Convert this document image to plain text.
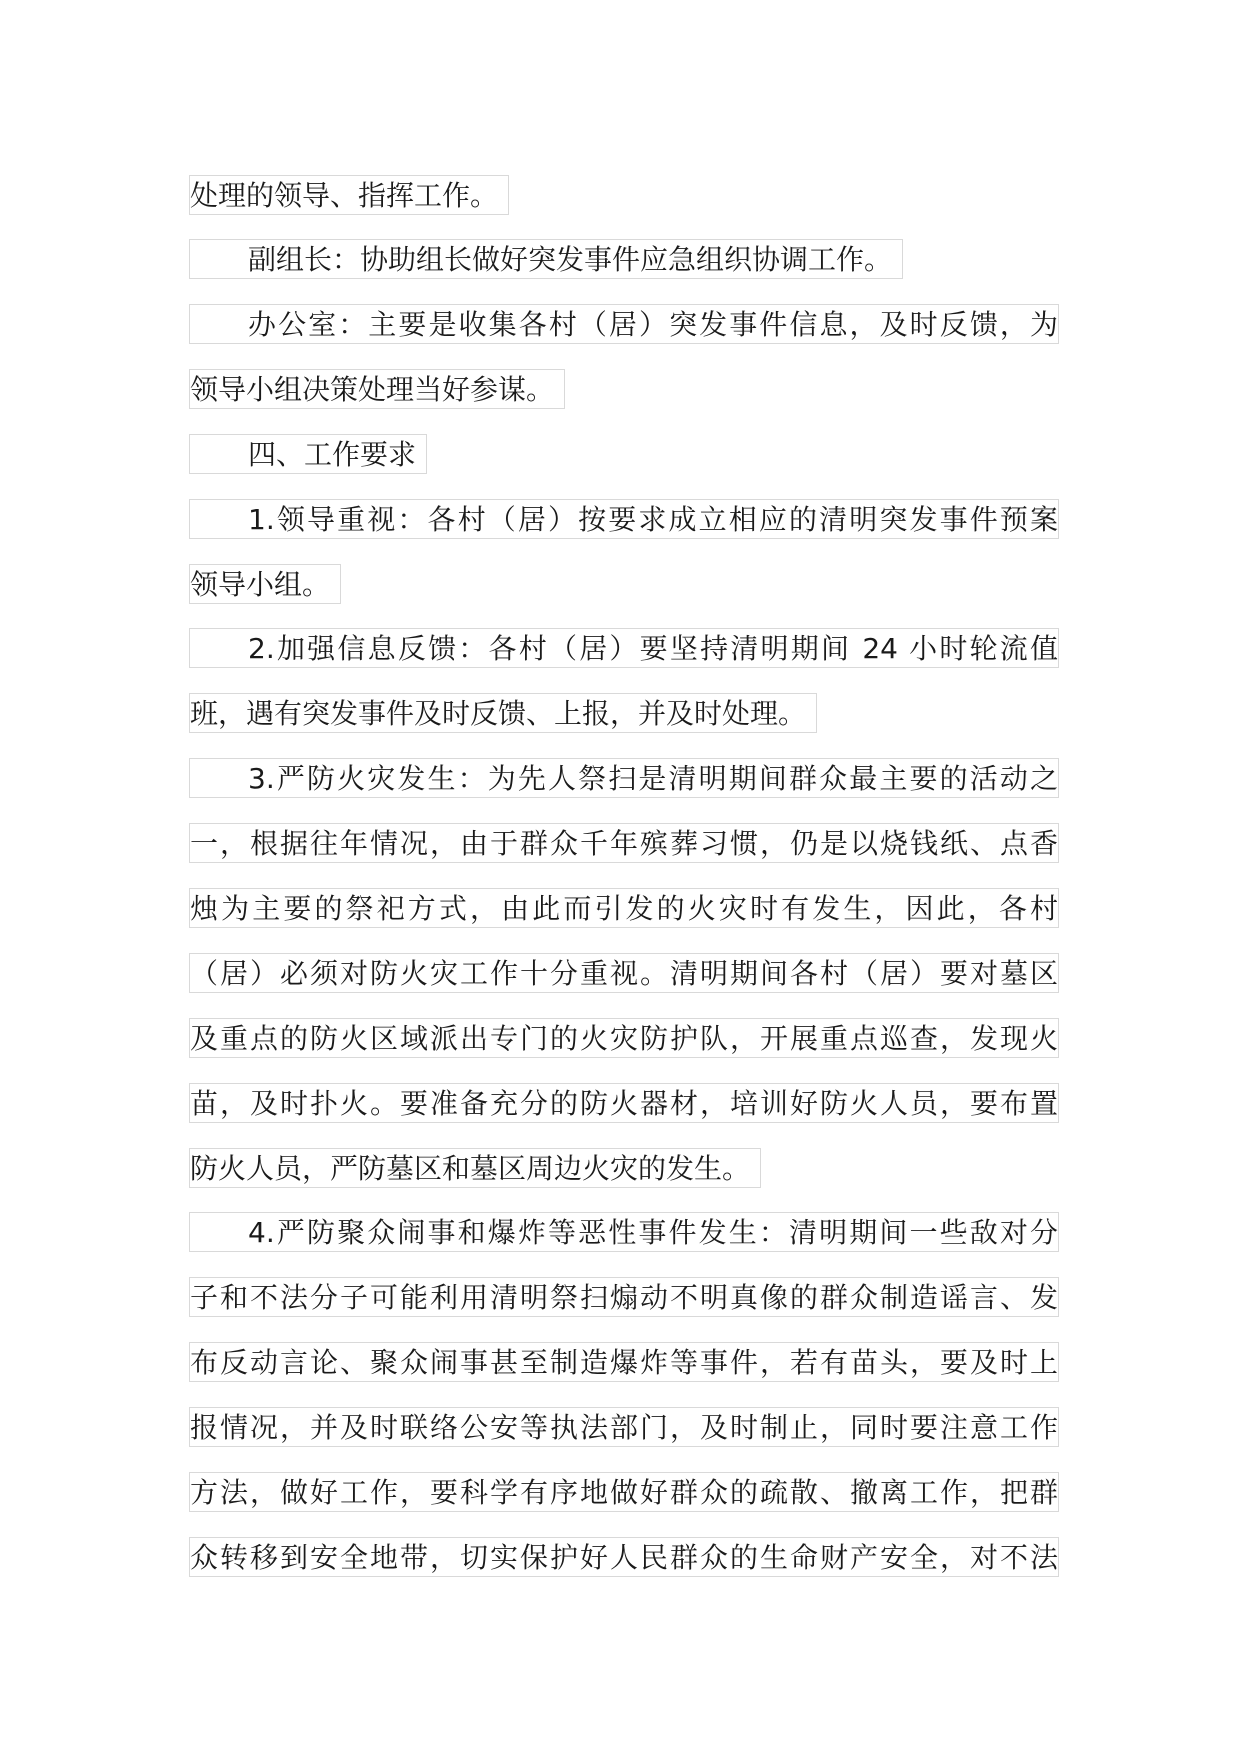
处理的领导、指挥工作。
副组长：协助组长做好突发事件应急组织协调工作。
办公室：主要是收集各村（居）突发事件信息，及时反馈，为
领导小组决策处理当好参谋。
四、工作要求
1.领导重视：各村（居）按要求成立相应的清明突发事件预案
领导小组。
2.加强信息反馈：各村（居）要坚持清明期间 24 小时轮流值
班，遇有突发事件及时反馈、上报，并及时处理。
3.严防火灾发生：为先人祭扫是清明期间群众最主要的活动之
一，根据往年情况，由于群众千年殡葬习惯，仍是以烧钱纸、点香
烛为主要的祭祀方式，由此而引发的火灾时有发生，因此，各村
（居）必须对防火灾工作十分重视。清明期间各村（居）要对墓区
及重点的防火区域派出专门的火灾防护队，开展重点巡查，发现火
苗，及时扑火。要准备充分的防火器材，培训好防火人员，要布置
防火人员，严防墓区和墓区周边火灾的发生。
4.严防聚众闹事和爆炸等恶性事件发生：清明期间一些敌对分
子和不法分子可能利用清明祭扫煽动不明真像的群众制造谣言、发
布反动言论、聚众闹事甚至制造爆炸等事件，若有苗头，要及时上
报情况，并及时联络公安等执法部门，及时制止，同时要注意工作
方法，做好工作，要科学有序地做好群众的疏散、撤离工作，把群
众转移到安全地带，切实保护好人民群众的生命财产安全，对不法
